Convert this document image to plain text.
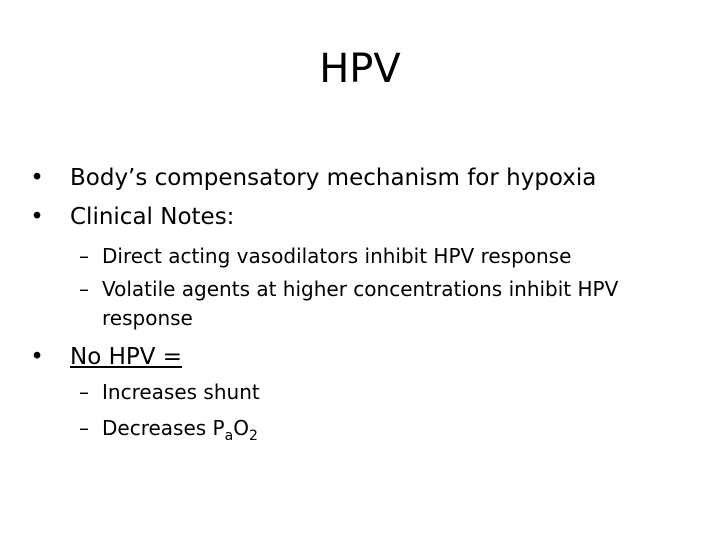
HPV
• Body’s compensatory mechanism for hypoxia
• Clinical Notes:
– Direct acting vasodilators inhibit HPV response
– Volatile agents at higher concentrations inhibit HPV
response
• No HPV =
– Increases shunt
– Decreases $P_aO_2$
